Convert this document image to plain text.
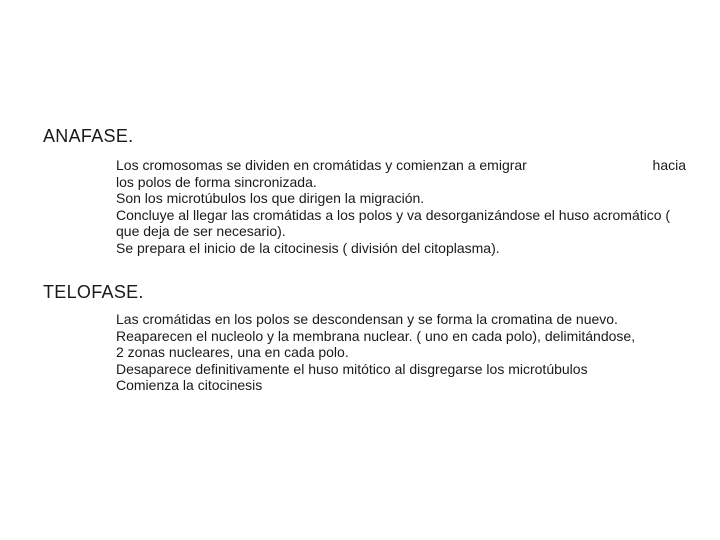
ANAFASE.
Los cromosomas se dividen en cromátidas y comienzan a emigrar	hacia
los polos de forma sincronizada.
Son los microtúbulos los que dirigen la migración.
Concluye al llegar las cromátidas a los polos y va desorganizándose el huso acromático ( que deja de ser necesario).
Se prepara el inicio de la citocinesis ( división del citoplasma).
TELOFASE.
Las cromátidas en los polos se descondensan y se forma la cromatina de nuevo.
Reaparecen el nucleolo y la membrana nuclear. ( uno en cada polo), delimitándose, 2 zonas nucleares, una en cada polo.
Desaparece definitivamente el huso mitótico al disgregarse los microtúbulos
Comienza la citocinesis
